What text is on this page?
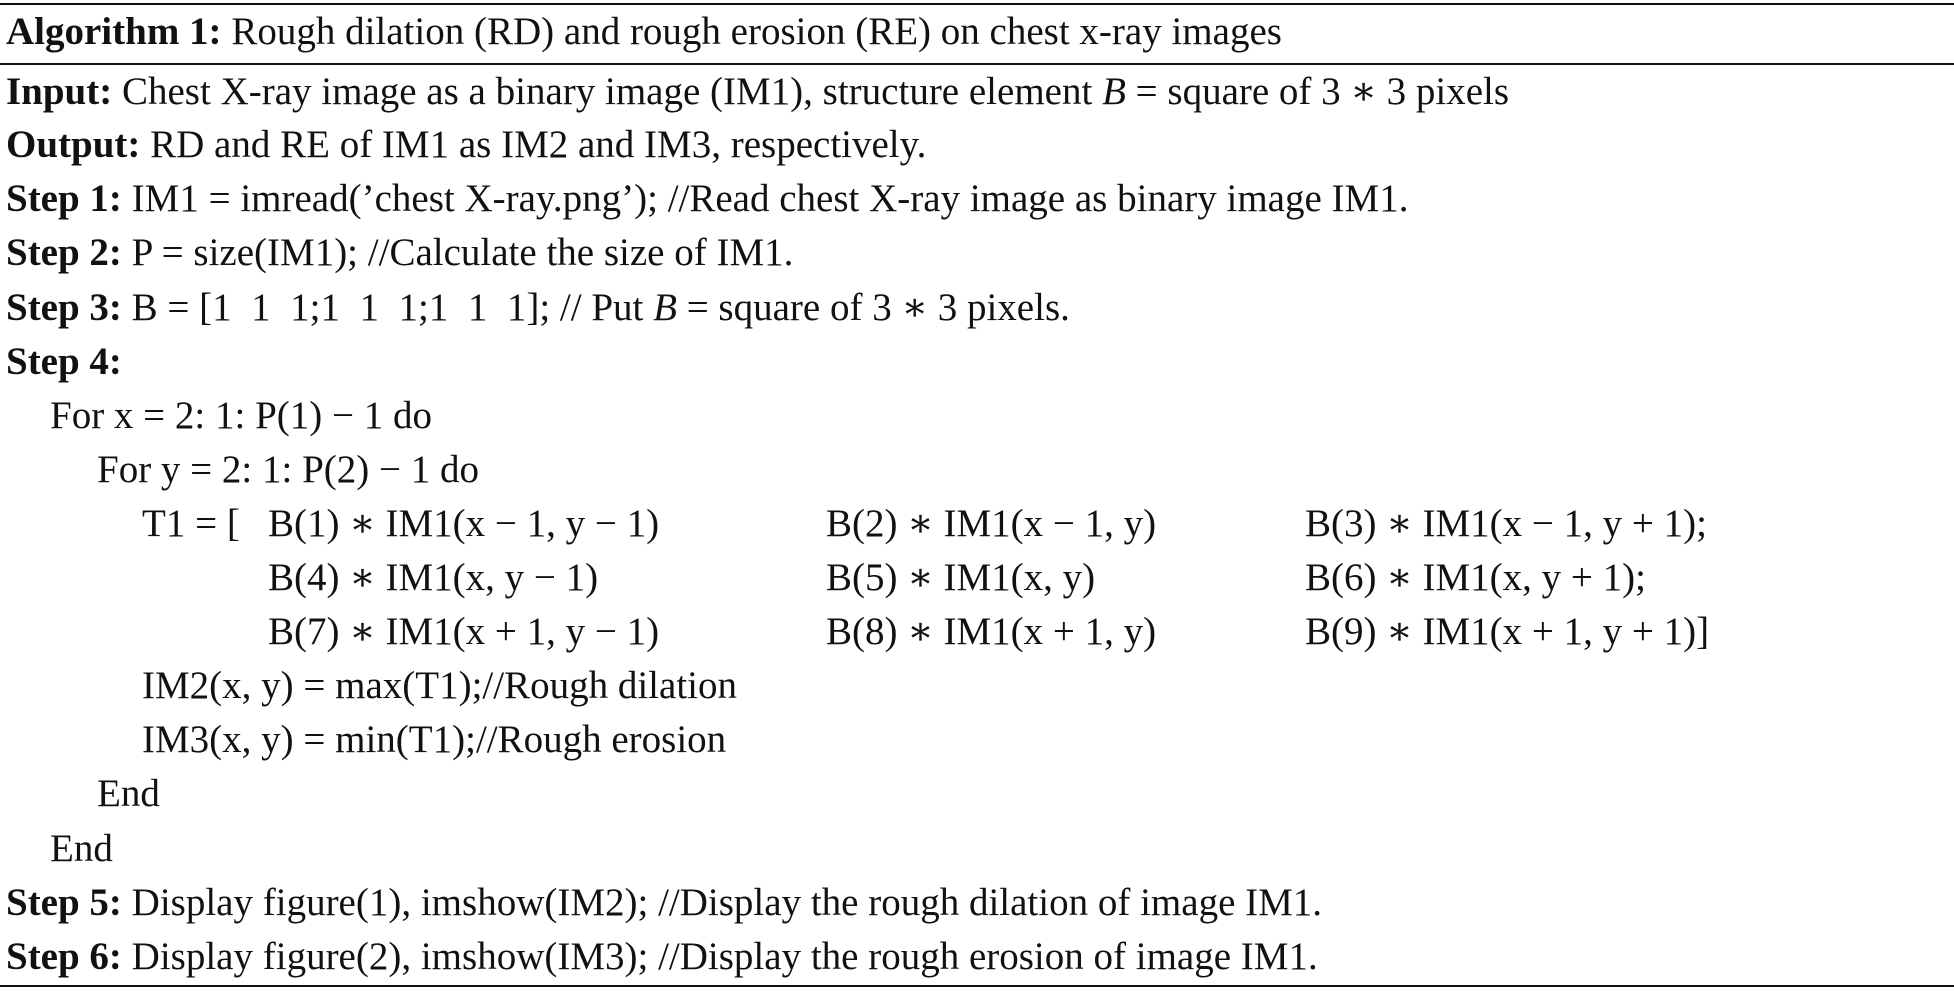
Algorithm 1: Rough dilation (RD) and rough erosion (RE) on chest x-ray images
Input: Chest X-ray image as a binary image (IM1), structure element B = square of 3 ∗ 3 pixels
Output: RD and RE of IM1 as IM2 and IM3, respectively.
Step 1: IM1 = imread(’chest X-ray.png’); //Read chest X-ray image as binary image IM1.
Step 2: P = size(IM1); //Calculate the size of IM1.
Step 3: B = [1  1  1;1  1  1;1  1  1]; // Put B = square of 3 ∗ 3 pixels.
Step 4:
For x = 2: 1: P(1) − 1 do
For y = 2: 1: P(2) − 1 do
T1 = [ B(1) ∗ IM1(x − 1, y − 1)	B(2) ∗ IM1(x − 1, y)	B(3) ∗ IM1(x − 1, y + 1);
B(4) ∗ IM1(x, y − 1)	B(5) ∗ IM1(x, y)	B(6) ∗ IM1(x, y + 1);
B(7) ∗ IM1(x + 1, y − 1)	B(8) ∗ IM1(x + 1, y)	B(9) ∗ IM1(x + 1, y + 1)]
IM2(x, y) = max(T1);//Rough dilation
IM3(x, y) = min(T1);//Rough erosion
End
End
Step 5: Display figure(1), imshow(IM2); //Display the rough dilation of image IM1.
Step 6: Display figure(2), imshow(IM3); //Display the rough erosion of image IM1.
